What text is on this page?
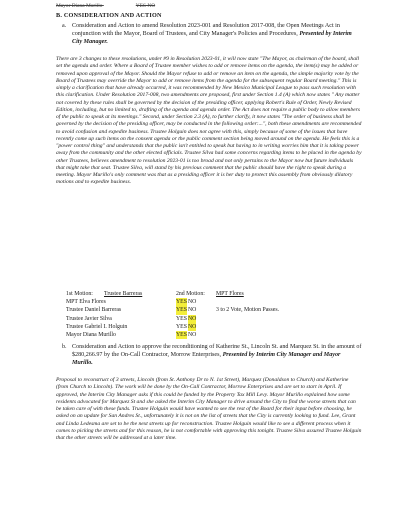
Mayor Diana Murillo	YES NO
B. CONSIDERATION AND ACTION
a. Consideration and Action to amend Resolution 2023-001 and Resolution 2017-008, the Open Meetings Act in conjunction with the Mayor, Board of Trustees, and City Manager's Policies and Procedures, Presented by Interim City Manager.
There are 3 changes to these resolutions, under #9 in Resolution 2023-01, it will now state "The Mayor, as chairman of the board, shall set the agenda and order. Where a Board of Trustee member wishes to add or remove items on the agenda, the item(s) may be added or removed upon approval of the Mayor. Should the Mayor refuse to add or remove an item on the agenda, the simple majority vote by the Board of Trustees may override the Mayor to add or remove items from the agenda for the subsequent regular Board meeting." This is simply a clarification that have already occurred, it was recommended by New Mexico Municipal League to pass such resolution with this clarification. Under Resolution 2017-008, two amendments are proposed, first under Section 1.4 (A) which now states " Any matter not covered by these rules shall be governed by the decision of the presiding officer, applying Robert's Rule of Order, Newly Revised Edition, including, but no limited to, drafting of the agenda and agenda order. The Act does not require a public body to allow members of the public to speak at its meetings." Second, under Section 2.3 (A), to further clarify, it now states "The order of business shall be governed by the decision of the presiding officer, may be conducted in the following order:...", both these amendments are recommended to avoid confusion and expedite business. Trustee Holguin does not agree with this, simply because of some of the issues that have recently come up such items on the consent agenda or the public comment section being moved around on the agenda. He feels this is a "power control thing" and understands that the public isn't entitled to speak but having to in writing worries him that it is taking power away from the community and the other elected officials. Trustee Silva had some concerns regarding items to be placed in the agenda by other Trustees, believes amendment to resolution 2023-01 is too broad and not only pertains to the Mayor now but future individuals that might take that seat. Trustee Silva, will stand by his previous comment that the public should have the right to speak during a meeting. Mayor Murillo's only comment was that as a presiding officer it is her duty to protect this assembly from obviously dilatory motions and to expedite business.
1st Motion: Trustee Barreras	2nd Motion: MPT Flores
MPT Elva Flores	YES NO
Trustee Daniel Barreras	YES NO	3 to 2 Vote, Motion Passes.
Trustee Javier Silva	YES NO
Trustee Gabriel I. Holguin	YES NO
Mayor Diana Murillo	YES NO
b. Consideration and Action to approve the reconditioning of Katherine St., Lincoln St. and Marquez St. in the amount of $280,266.97 by the On-Call Contractor, Morrow Enterprises, Presented by Interim City Manager and Mayor Murillo.
Proposal to reconstruct of 3 streets, Lincoln (from St. Anthony Dr to N. 1st Street), Marquez (Donaldson to Church) and Katherine (from Church to Lincoln). The work will be done by the On-Call Contractor, Morrow Enterprises and are set to start in April. If approved, the Interim City Manager asks if this could be funded by the Property Tax Mill Levy. Mayor Murillo explained how some residents advocated for Marquez St and she asked the Interim City Manager to drive around the City to find the worse streets that can be taken care of with these funds. Trustee Holguin would have wanted to see the rest of the Board for their input before choosing, he asked on an update for San Andres St., unfortunately it is not on the list of streets that the City is currently looking to fund. Lee, Grant and Linda Ledesma are set to be the next streets up for reconstruction. Trustee Holguin would like to see a different process when it comes to picking the streets and for this reason, he is not comfortable with approving this tonight. Trustee Silva assured Trustee Holguin that the other streets will be addressed at a later time.
